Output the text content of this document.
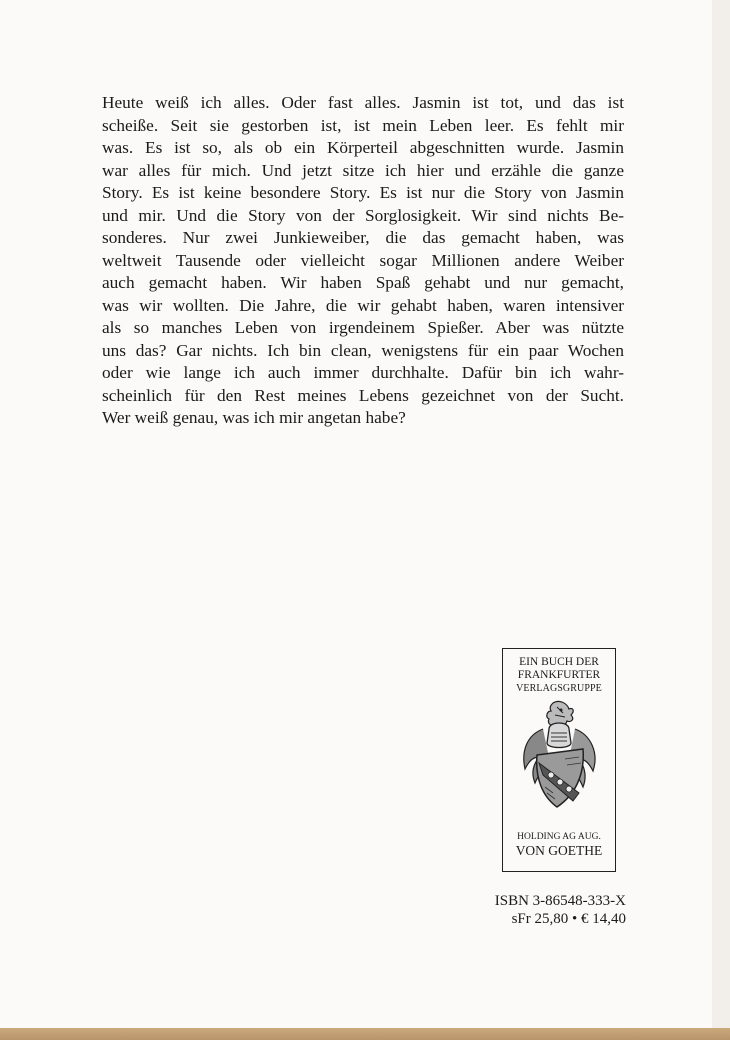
Heute weiß ich alles. Oder fast alles. Jasmin ist tot, und das ist
scheiße. Seit sie gestorben ist, ist mein Leben leer. Es fehlt mir
was. Es ist so, als ob ein Körperteil abgeschnitten wurde. Jasmin
war alles für mich. Und jetzt sitze ich hier und erzähle die ganze
Story. Es ist keine besondere Story. Es ist nur die Story von Jasmin
und mir. Und die Story von der Sorglosigkeit. Wir sind nichts Be-
sonderes. Nur zwei Junkieweiber, die das gemacht haben, was
weltweit Tausende oder vielleicht sogar Millionen andere Weiber
auch gemacht haben. Wir haben Spaß gehabt und nur gemacht,
was wir wollten. Die Jahre, die wir gehabt haben, waren intensiver
als so manches Leben von irgendeinem Spießer. Aber was nützte
uns das? Gar nichts. Ich bin clean, wenigstens für ein paar Wochen
oder wie lange ich auch immer durchhalte. Dafür bin ich wahr-
scheinlich für den Rest meines Lebens gezeichnet von der Sucht.
Wer weiß genau, was ich mir angetan habe?
EIN BUCH DER
FRANKFURTER
VERLAGSGRUPPE
HOLDING AG AUG.
VON GOETHE
ISBN 3-86548-333-X
sFr 25,80 • € 14,40
